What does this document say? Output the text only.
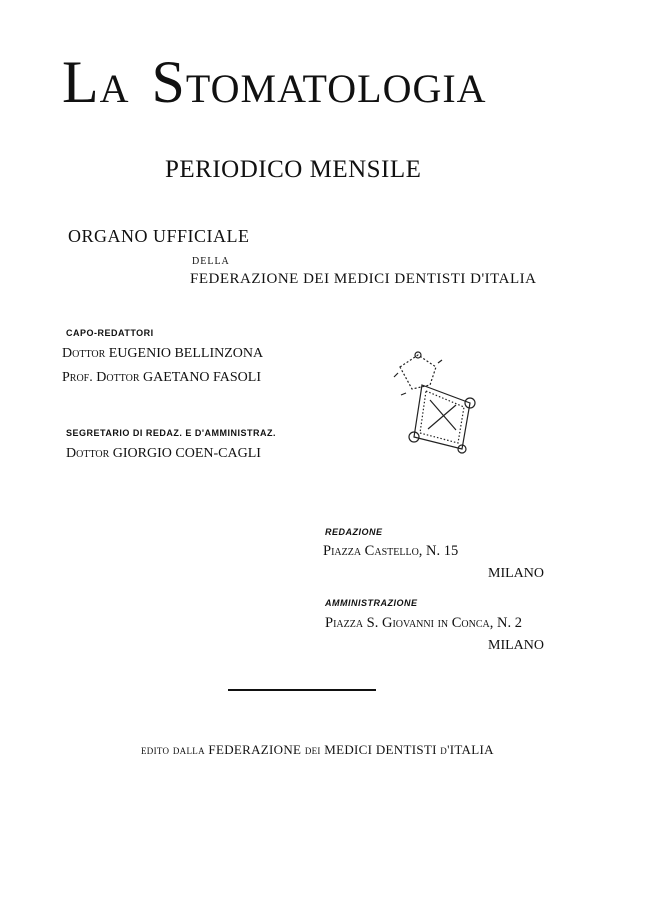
LA STOMATOLOGIA
PERIODICO MENSILE
ORGANO UFFICIALE
DELLA
FEDERAZIONE DEI MEDICI DENTISTI D'ITALIA
CAPO-REDATTORI
Dottor EUGENIO BELLINZONA
Prof. Dottor GAETANO FASOLI
SEGRETARIO DI REDAZ. E D'AMMINISTRAZ.
Dottor GIORGIO COEN-CAGLI
REDAZIONE
Piazza Castello, N. 15
MILANO
AMMINISTRAZIONE
Piazza S. Giovanni in Conca, N. 2
MILANO
edito dalla FEDERAZIONE dei MEDICI DENTISTI d'ITALIA
